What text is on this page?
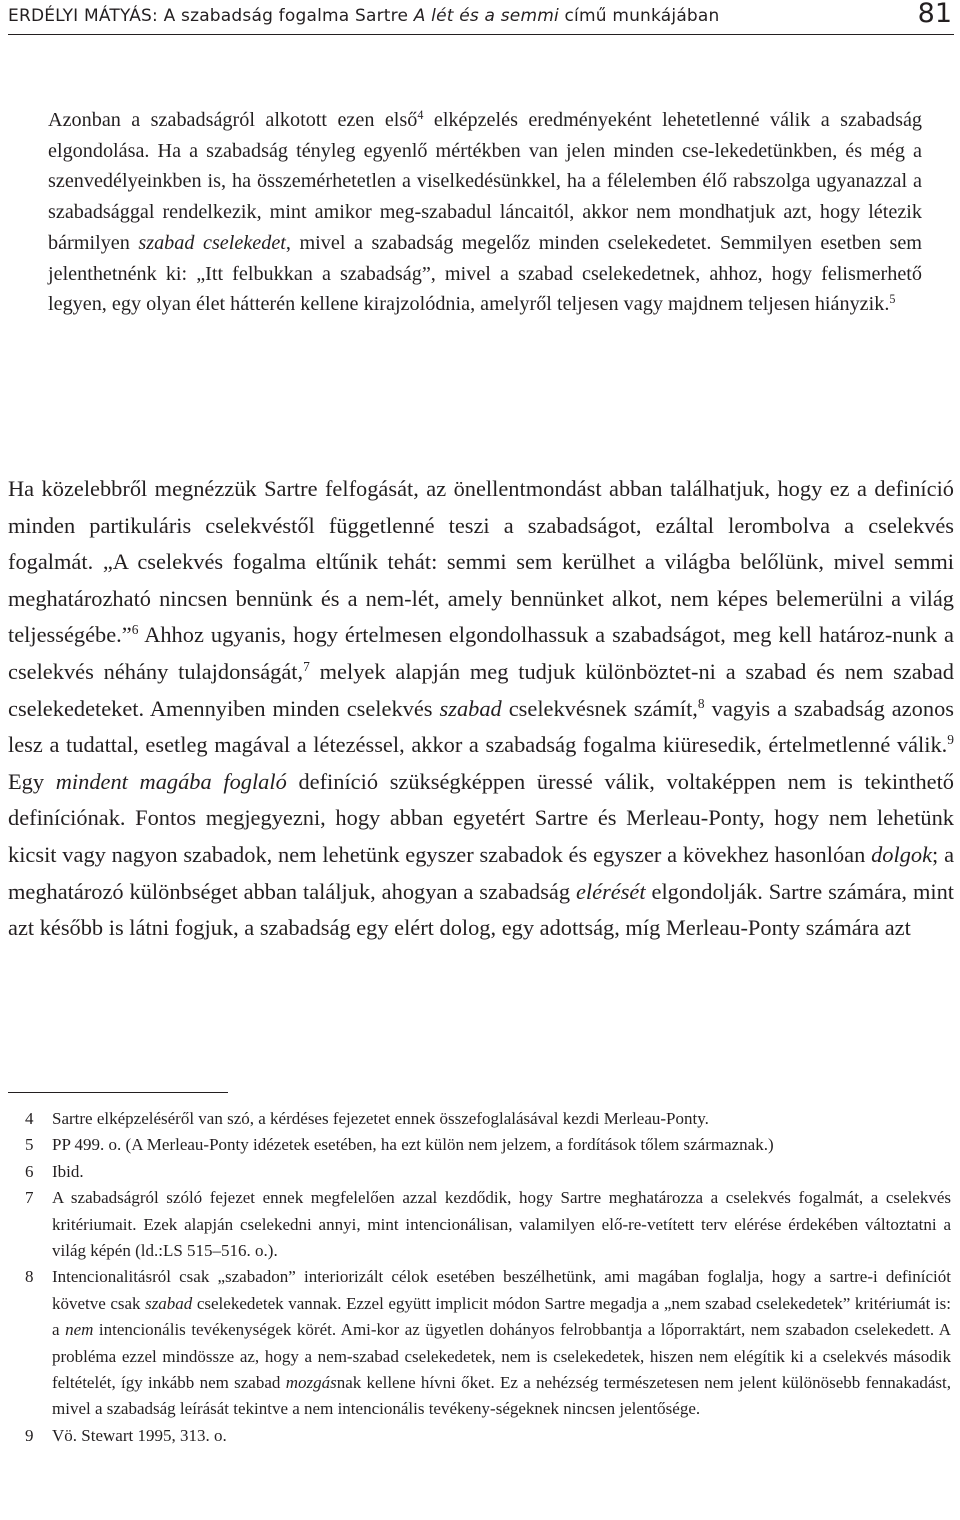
ERDÉLYI MÁTYÁS: A szabadság fogalma Sartre A lét és a semmi című munkájában	81

Azonban a szabadságról alkotott ezen első$^4$ elképzelés eredményeként lehetetlenné válik a szabadság elgondolása. Ha a szabadság tényleg egyenlő mértékben van jelen minden cse-lekedetünkben, és még a szenvedélyeinkben is, ha összemérhetetlen a viselkedésünkkel, ha a félelemben élő rabszolga ugyanazzal a szabadsággal rendelkezik, mint amikor meg-szabadul láncaitól, akkor nem mondhatjuk azt, hogy létezik bármilyen szabad cselekedet, mivel a szabadság megelőz minden cselekedetet. Semmilyen esetben sem jelenthetnénk ki: „Itt felbukkan a szabadság”, mivel a szabad cselekedetnek, ahhoz, hogy felismerhető legyen, egy olyan élet hátterén kellene kirajzolódnia, amelyről teljesen vagy majdnem teljesen hiányzik.$^5$

Ha közelebbről megnézzük Sartre felfogását, az önellentmondást abban találhatjuk, hogy ez a definíció minden partikuláris cselekvéstől függetlenné teszi a szabadságot, ezáltal lerombolva a cselekvés fogalmát. „A cselekvés fogalma eltűnik tehát: semmi sem kerülhet a világba belőlünk, mivel semmi meghatározható nincsen bennünk és a nem-lét, amely bennünket alkot, nem képes belemerülni a világ teljességébe.”$^6$ Ahhoz ugyanis, hogy értelmesen elgondolhassuk a szabadságot, meg kell határoz-nunk a cselekvés néhány tulajdonságát,$^7$ melyek alapján meg tudjuk különböztet-ni a szabad és nem szabad cselekedeteket. Amennyiben minden cselekvés szabad cselekvésnek számít,$^8$ vagyis a szabadság azonos lesz a tudattal, esetleg magával a létezéssel, akkor a szabadság fogalma kiüresedik, értelmetlenné válik.$^9$ Egy mindent magába foglaló definíció szükségképpen üressé válik, voltaképpen nem is tekinthető definíciónak. Fontos megjegyezni, hogy abban egyetért Sartre és Merleau-Ponty, hogy nem lehetünk kicsit vagy nagyon szabadok, nem lehetünk egyszer szabadok és egyszer a kövekhez hasonlóan dolgok; a meghatározó különbséget abban találjuk, ahogyan a szabadság elérését elgondolják. Sartre számára, mint azt később is látni fogjuk, a szabadság egy elért dolog, egy adottság, míg Merleau-Ponty számára azt

4 Sartre elképzeléséről van szó, a kérdéses fejezetet ennek összefoglalásával kezdi Merleau-Ponty.
5 PP 499. o. (A Merleau-Ponty idézetek esetében, ha ezt külön nem jelzem, a fordítások tőlem származnak.)
6 Ibid.
7 A szabadságról szóló fejezet ennek megfelelően azzal kezdődik, hogy Sartre meghatározza a cselekvés fogalmát, a cselekvés kritériumait. Ezek alapján cselekedni annyi, mint intencionálisan, valamilyen elő-re-vetített terv elérése érdekében változtatni a világ képén (ld.:LS 515–516. o.).
8 Intencionalitásról csak „szabadon” interiorizált célok esetében beszélhetünk, ami magában foglalja, hogy a sartre-i definíciót követve csak szabad cselekedetek vannak. Ezzel együtt implicit módon Sartre megadja a „nem szabad cselekedetek” kritériumát is: a nem intencionális tevékenységek körét. Ami-kor az ügyetlen dohányos felrobbantja a lőporraktárt, nem szabadon cselekedett. A probléma ezzel mindössze az, hogy a nem-szabad cselekedetek, nem is cselekedetek, hiszen nem elégítik ki a cselekvés második feltételét, így inkább nem szabad mozgásnak kellene hívni őket. Ez a nehézség természetesen nem jelent különösebb fennakadást, mivel a szabadság leírását tekintve a nem intencionális tevékeny-ségeknek nincsen jelentősége.
9 Vö. Stewart 1995, 313. o.
